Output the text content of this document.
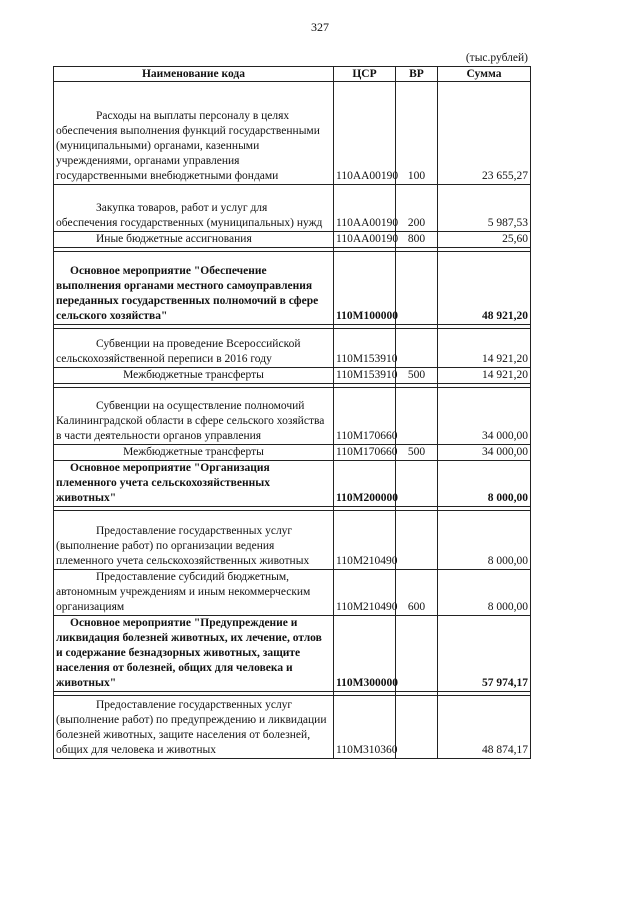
327
(тыс.рублей)
Наименование кода	ЦСР	ВР	Сумма
Расходы на выплаты персоналу в целях обеспечения выполнения функций государственными (муниципальными) органами, казенными учреждениями, органами управления государственными внебюджетными фондами	110АА00190	100	23 655,27
Закупка товаров, работ и услуг для обеспечения государственных (муниципальных) нужд	110АА00190	200	5 987,53
Иные бюджетные ассигнования	110АА00190	800	25,60

Основное мероприятие "Обеспечение выполнения органами местного самоуправления переданных государственных полномочий в сфере сельского хозяйства"	110М100000		48 921,20

Субвенции на проведение Всероссийской сельскохозяйственной переписи в 2016 году	110М153910		14 921,20
Межбюджетные трансферты	110М153910	500	14 921,20

Субвенции на осуществление полномочий Калининградской области в сфере сельского хозяйства в части деятельности органов управления	110М170660		34 000,00
Межбюджетные трансферты	110М170660	500	34 000,00
Основное мероприятие "Организация племенного учета сельскохозяйственных животных"	110М200000		8 000,00

Предоставление государственных услуг (выполнение работ) по организации ведения племенного учета сельскохозяйственных животных	110М210490		8 000,00
Предоставление субсидий бюджетным, автономным учреждениям и иным некоммерческим организациям	110М210490	600	8 000,00
Основное мероприятие "Предупреждение и ликвидация болезней животных, их лечение, отлов и содержание безнадзорных животных, защите населения от болезней, общих для человека и животных"	110М300000		57 974,17

Предоставление государственных услуг (выполнение работ) по предупреждению и ликвидации болезней животных, защите населения от болезней, общих для человека и животных	110М310360		48 874,17
